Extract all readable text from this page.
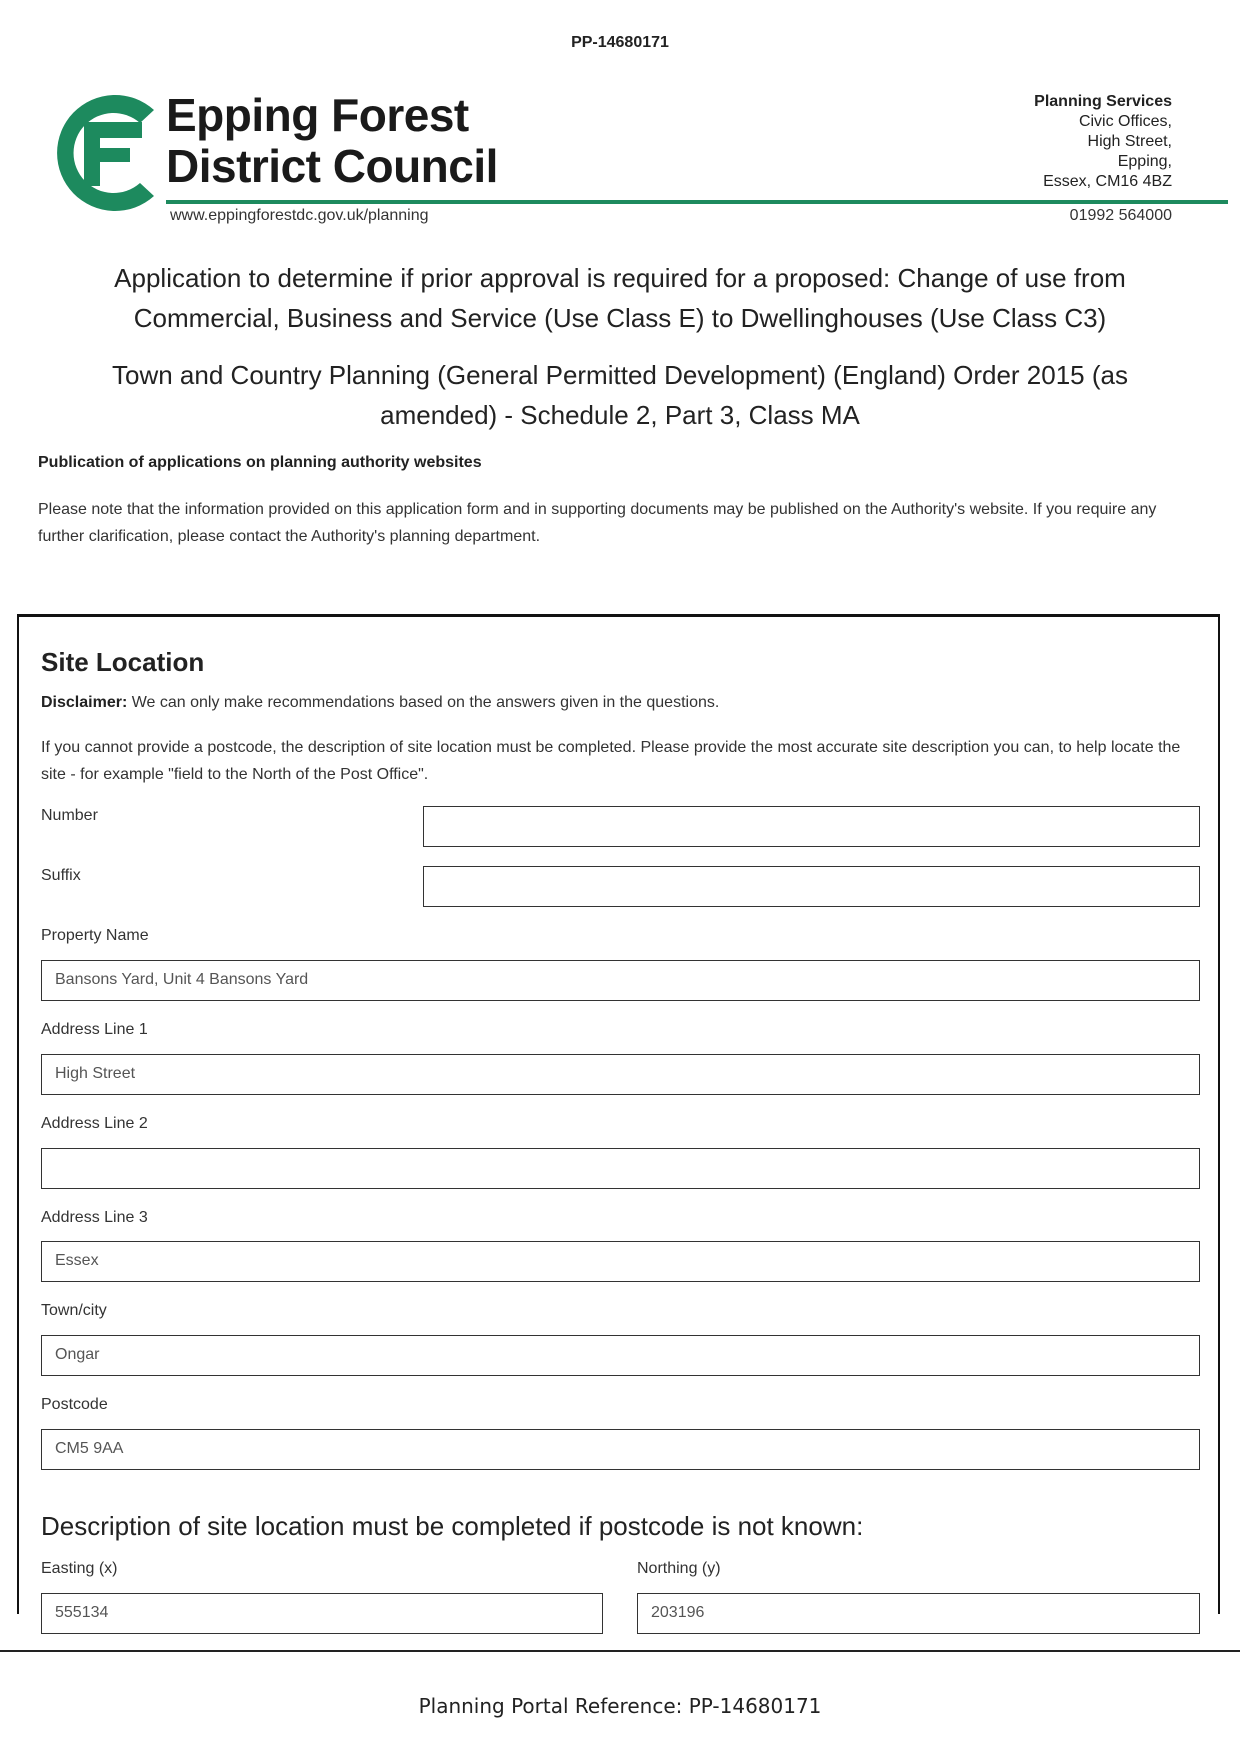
PP-14680171
Epping Forest
District Council
www.eppingforestdc.gov.uk/planning
Planning Services
Civic Offices,
High Street,
Epping,
Essex, CM16 4BZ
01992 564000
Application to determine if prior approval is required for a proposed: Change of use from Commercial, Business and Service (Use Class E) to Dwellinghouses (Use Class C3)
Town and Country Planning (General Permitted Development) (England) Order 2015 (as amended) - Schedule 2, Part 3, Class MA
Publication of applications on planning authority websites
Please note that the information provided on this application form and in supporting documents may be published on the Authority's website. If you require any further clarification, please contact the Authority's planning department.
Site Location
Disclaimer: We can only make recommendations based on the answers given in the questions.
If you cannot provide a postcode, the description of site location must be completed. Please provide the most accurate site description you can, to help locate the site - for example "field to the North of the Post Office".
Number
Suffix
Property Name
Bansons Yard, Unit 4 Bansons Yard
Address Line 1
High Street
Address Line 2
Address Line 3
Essex
Town/city
Ongar
Postcode
CM5 9AA
Description of site location must be completed if postcode is not known:
Easting (x)
555134
Northing (y)
203196
Planning Portal Reference: PP-14680171
